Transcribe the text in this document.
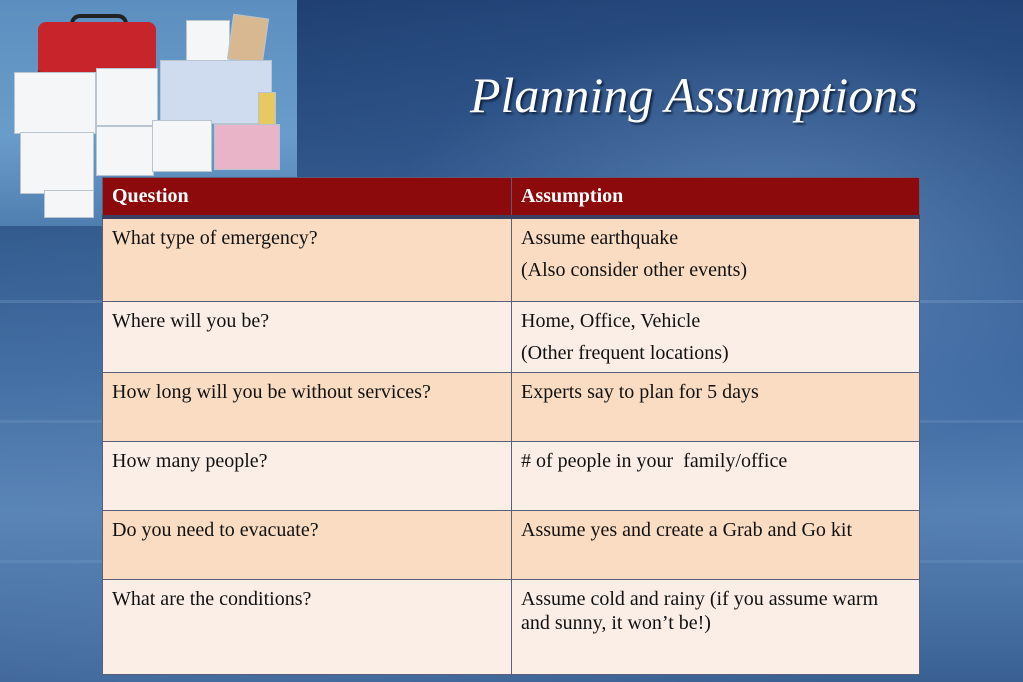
Planning Assumptions
Question	Assumption
What type of emergency?	Assume earthquake
(Also consider other events)

Where will you be?	Home, Office, Vehicle
(Other frequent locations)

How long will you be without services?	Experts say to plan for 5 days

How many people?	# of people in your  family/office

Do you need to evacuate?	Assume yes and create a Grab and Go kit

What are the conditions?	Assume cold and rainy (if you assume warm and sunny, it won’t be!)
